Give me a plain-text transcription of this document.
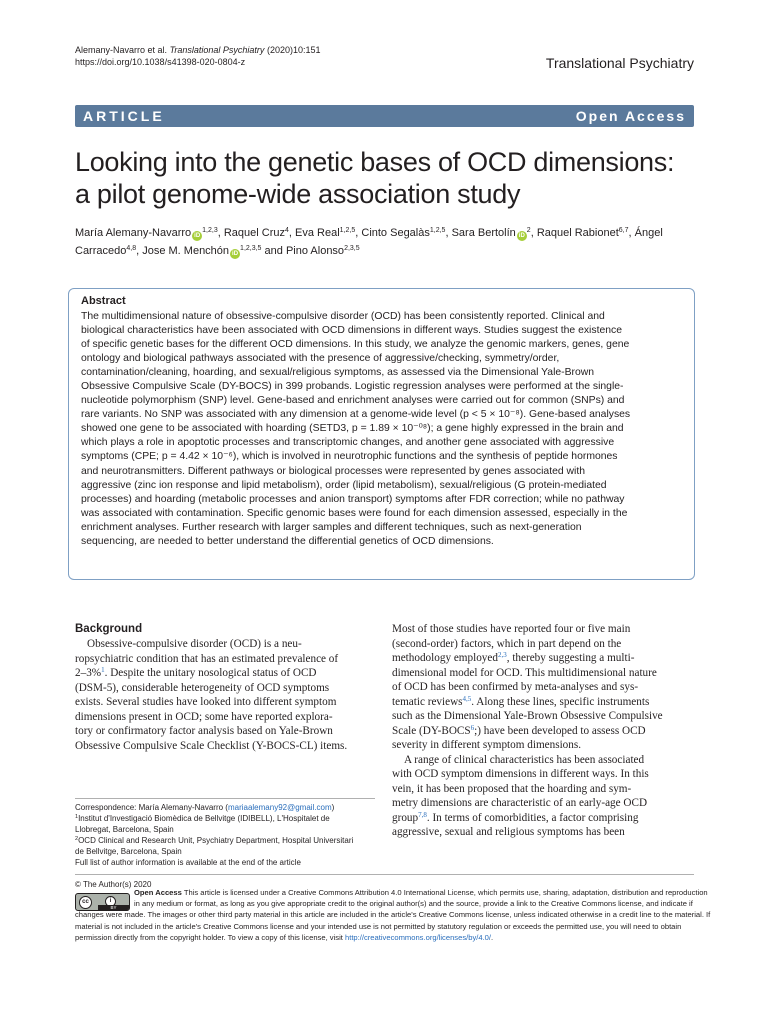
Alemany-Navarro et al. Translational Psychiatry (2020)10:151
https://doi.org/10.1038/s41398-020-0804-z	Translational Psychiatry
ARTICLE	Open Access
Looking into the genetic bases of OCD dimensions:
a pilot genome-wide association study
María Alemany-Navarro iD$^{1,2,3}$, Raquel Cruz$^4$, Eva Real$^{1,2,5}$, Cinto Segalàs$^{1,2,5}$, Sara Bertolín $iD^2$, Raquel Rabionet$^{6,7}$, Ángel Carracedo$^{4,8}$, Jose M. Menchón iD$^{1,2,3,5}$ and Pino Alonso$^{2,3,5}$
Abstract
The multidimensional nature of obsessive-compulsive disorder (OCD) has been consistently reported. Clinical and
biological characteristics have been associated with OCD dimensions in different ways. Studies suggest the existence
of specific genetic bases for the different OCD dimensions. In this study, we analyze the genomic markers, genes, gene
ontology and biological pathways associated with the presence of aggressive/checking, symmetry/order,
contamination/cleaning, hoarding, and sexual/religious symptoms, as assessed via the Dimensional Yale-Brown
Obsessive Compulsive Scale (DY-BOCS) in 399 probands. Logistic regression analyses were performed at the single-
nucleotide polymorphism (SNP) level. Gene-based and enrichment analyses were carried out for common (SNPs) and
rare variants. No SNP was associated with any dimension at a genome-wide level (p < 5 × 10⁻⁸). Gene-based analyses
showed one gene to be associated with hoarding (SETD3, p = 1.89 × 10⁻⁰⁸); a gene highly expressed in the brain and
which plays a role in apoptotic processes and transcriptomic changes, and another gene associated with aggressive
symptoms (CPE; p = 4.42 × 10⁻⁶), which is involved in neurotrophic functions and the synthesis of peptide hormones
and neurotransmitters. Different pathways or biological processes were represented by genes associated with
aggressive (zinc ion response and lipid metabolism), order (lipid metabolism), sexual/religious (G protein-mediated
processes) and hoarding (metabolic processes and anion transport) symptoms after FDR correction; while no pathway
was associated with contamination. Specific genomic bases were found for each dimension assessed, especially in the
enrichment analyses. Further research with larger samples and different techniques, such as next-generation
sequencing, are needed to better understand the differential genetics of OCD dimensions.
Background
Obsessive-compulsive disorder (OCD) is a neu-
ropsychiatric condition that has an estimated prevalence of
2–3%$^1$. Despite the unitary nosological status of OCD
(DSM-5), considerable heterogeneity of OCD symptoms
exists. Several studies have looked into different symptom
dimensions present in OCD; some have reported explora-
tory or confirmatory factor analysis based on Yale-Brown
Obsessive Compulsive Scale Checklist (Y-BOCS-CL) items.
Most of those studies have reported four or five main
(second-order) factors, which in part depend on the
methodology employed$^{2,3}$, thereby suggesting a multi-
dimensional model for OCD. This multidimensional nature
of OCD has been confirmed by meta-analyses and sys-
tematic reviews$^{4,5}$. Along these lines, specific instruments
such as the Dimensional Yale-Brown Obsessive Compulsive
Scale (DY-BOCS$^6$;) have been developed to assess OCD
severity in different symptom dimensions.
A range of clinical characteristics has been associated
with OCD symptom dimensions in different ways. In this
vein, it has been proposed that the hoarding and sym-
metry dimensions are characteristic of an early-age OCD
group$^{7,8}$. In terms of comorbidities, a factor comprising
aggressive, sexual and religious symptoms has been
Correspondence: María Alemany-Navarro (mariaalemany92@gmail.com)
$^1$Institut d'Investigació Biomèdica de Bellvitge (IDIBELL), L'Hospitalet de
Llobregat, Barcelona, Spain
$^2$OCD Clinical and Research Unit, Psychiatry Department, Hospital Universitari
de Bellvitge, Barcelona, Spain
Full list of author information is available at the end of the article
© The Author(s) 2020
cc	i
BY
Open Access This article is licensed under a Creative Commons Attribution 4.0 International License, which permits use, sharing, adaptation, distribution and reproduction
in any medium or format, as long as you give appropriate credit to the original author(s) and the source, provide a link to the Creative Commons license, and indicate if
changes were made. The images or other third party material in this article are included in the article's Creative Commons license, unless indicated otherwise in a credit line to the material. If
material is not included in the article's Creative Commons license and your intended use is not permitted by statutory regulation or exceeds the permitted use, you will need to obtain
permission directly from the copyright holder. To view a copy of this license, visit http://creativecommons.org/licenses/by/4.0/.
